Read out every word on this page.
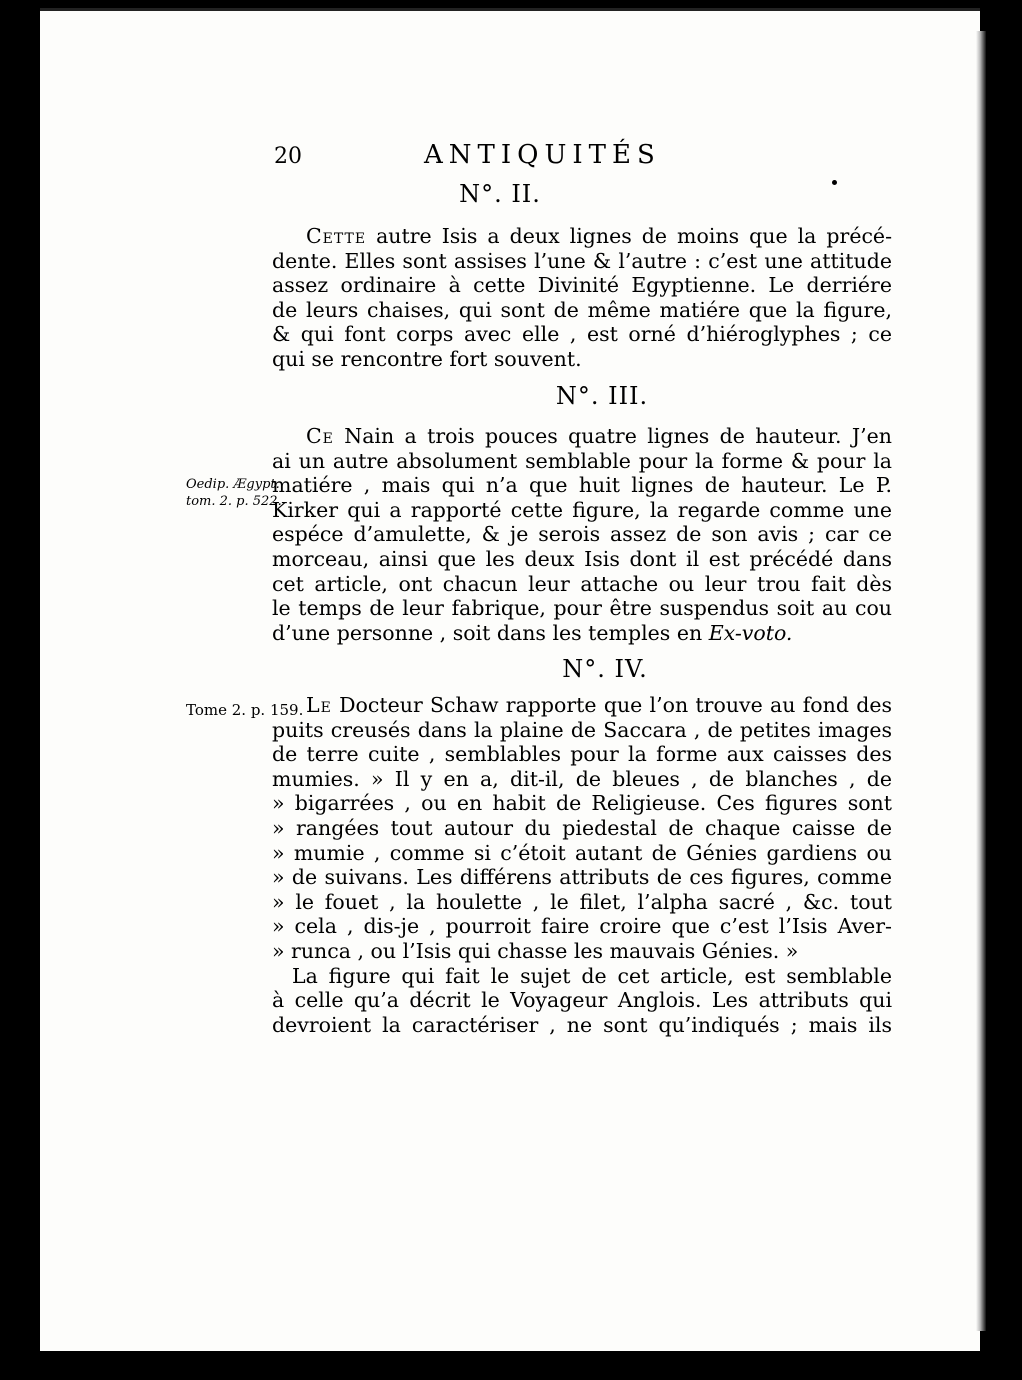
20	ANTIQUITÉS
N°. II.
Cette autre Isis a deux lignes de moins que la précé-
dente. Elles sont assises l’une & l’autre : c’est une attitude
assez ordinaire à cette Divinité Egyptienne. Le derriére
de leurs chaises, qui sont de même matiére que la figure,
& qui font corps avec elle , est orné d’hiéroglyphes ; ce
qui se rencontre fort souvent.
N°. III.
Ce Nain a trois pouces quatre lignes de hauteur. J’en
ai un autre absolument semblable pour la forme & pour la
matiére , mais qui n’a que huit lignes de hauteur. Le P.
Kirker qui a rapporté cette figure, la regarde comme une
espéce d’amulette, & je serois assez de son avis ; car ce
morceau, ainsi que les deux Isis dont il est précédé dans
cet article, ont chacun leur attache ou leur trou fait dès
le temps de leur fabrique, pour être suspendus soit au cou
d’une personne , soit dans les temples en Ex-voto.
Oedip. Ægypt.
tom. 2. p. 522.
N°. IV.
Le Docteur Schaw rapporte que l’on trouve au fond des
puits creusés dans la plaine de Saccara , de petites images
de terre cuite , semblables pour la forme aux caisses des
mumies. » Il y en a, dit-il, de bleues , de blanches , de
» bigarrées , ou en habit de Religieuse. Ces figures sont
» rangées tout autour du piedestal de chaque caisse de
» mumie , comme si c’étoit autant de Génies gardiens ou
» de suivans. Les différens attributs de ces figures, comme
» le fouet , la houlette , le filet, l’alpha sacré , &c. tout
» cela , dis-je , pourroit faire croire que c’est l’Isis Aver-
» runca , ou l’Isis qui chasse les mauvais Génies. »
La figure qui fait le sujet de cet article, est semblable
à celle qu’a décrit le Voyageur Anglois. Les attributs qui
devroient la caractériser , ne sont qu’indiqués ; mais ils
Tome 2. p. 159.
